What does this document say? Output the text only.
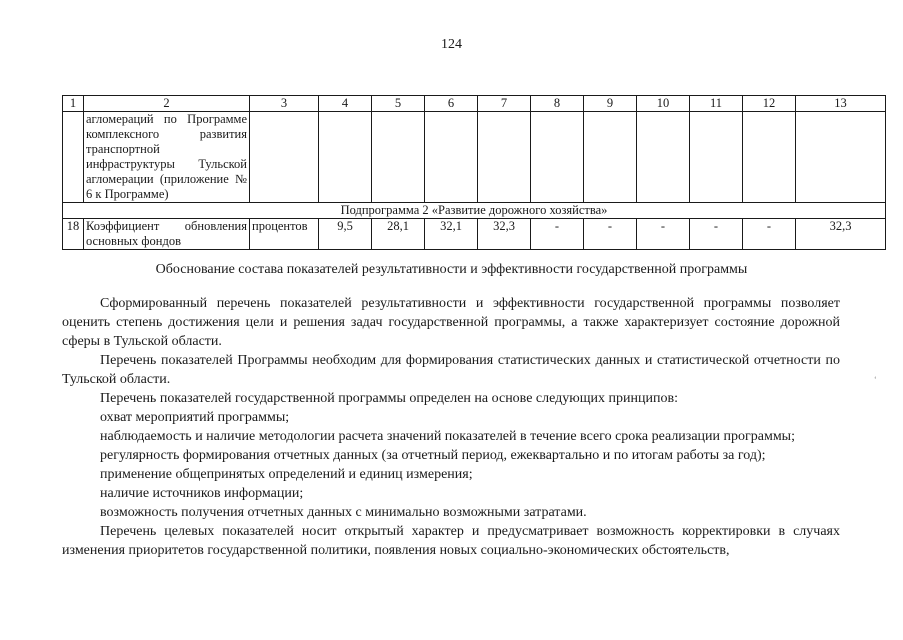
124
1	2	3	4	5	6	7	8	9	10	11	12	13
	агломераций по Программе комплексного развития транспортной инфраструктуры Тульской агломерации (приложение № 6 к Программе)											
Подпрограмма 2 «Развитие дорожного хозяйства»												
18	Коэффициент обновления основных фондов	процентов	9,5	28,1	32,1	32,3	-	-	-	-	-	32,3
Обоснование состава показателей результативности и эффективности государственной программы

Сформированный перечень показателей результативности и эффективности государственной программы позволяет оценить степень достижения цели и решения задач государственной программы, а также характеризует состояние дорожной сферы в Тульской области.

Перечень показателей Программы необходим для формирования статистических данных и статистической отчетности по Тульской области.

Перечень показателей государственной программы определен на основе следующих принципов:

охват мероприятий программы;

наблюдаемость и наличие методологии расчета значений показателей в течение всего срока реализации программы;

регулярность формирования отчетных данных (за отчетный период, ежеквартально и по итогам работы за год);

применение общепринятых определений и единиц измерения;

наличие источников информации;

возможность получения отчетных данных с минимально возможными затратами.

Перечень целевых показателей носит открытый характер и предусматривает возможность корректировки в случаях изменения приоритетов государственной политики, появления новых социально-экономических обстоятельств,

ʻ
